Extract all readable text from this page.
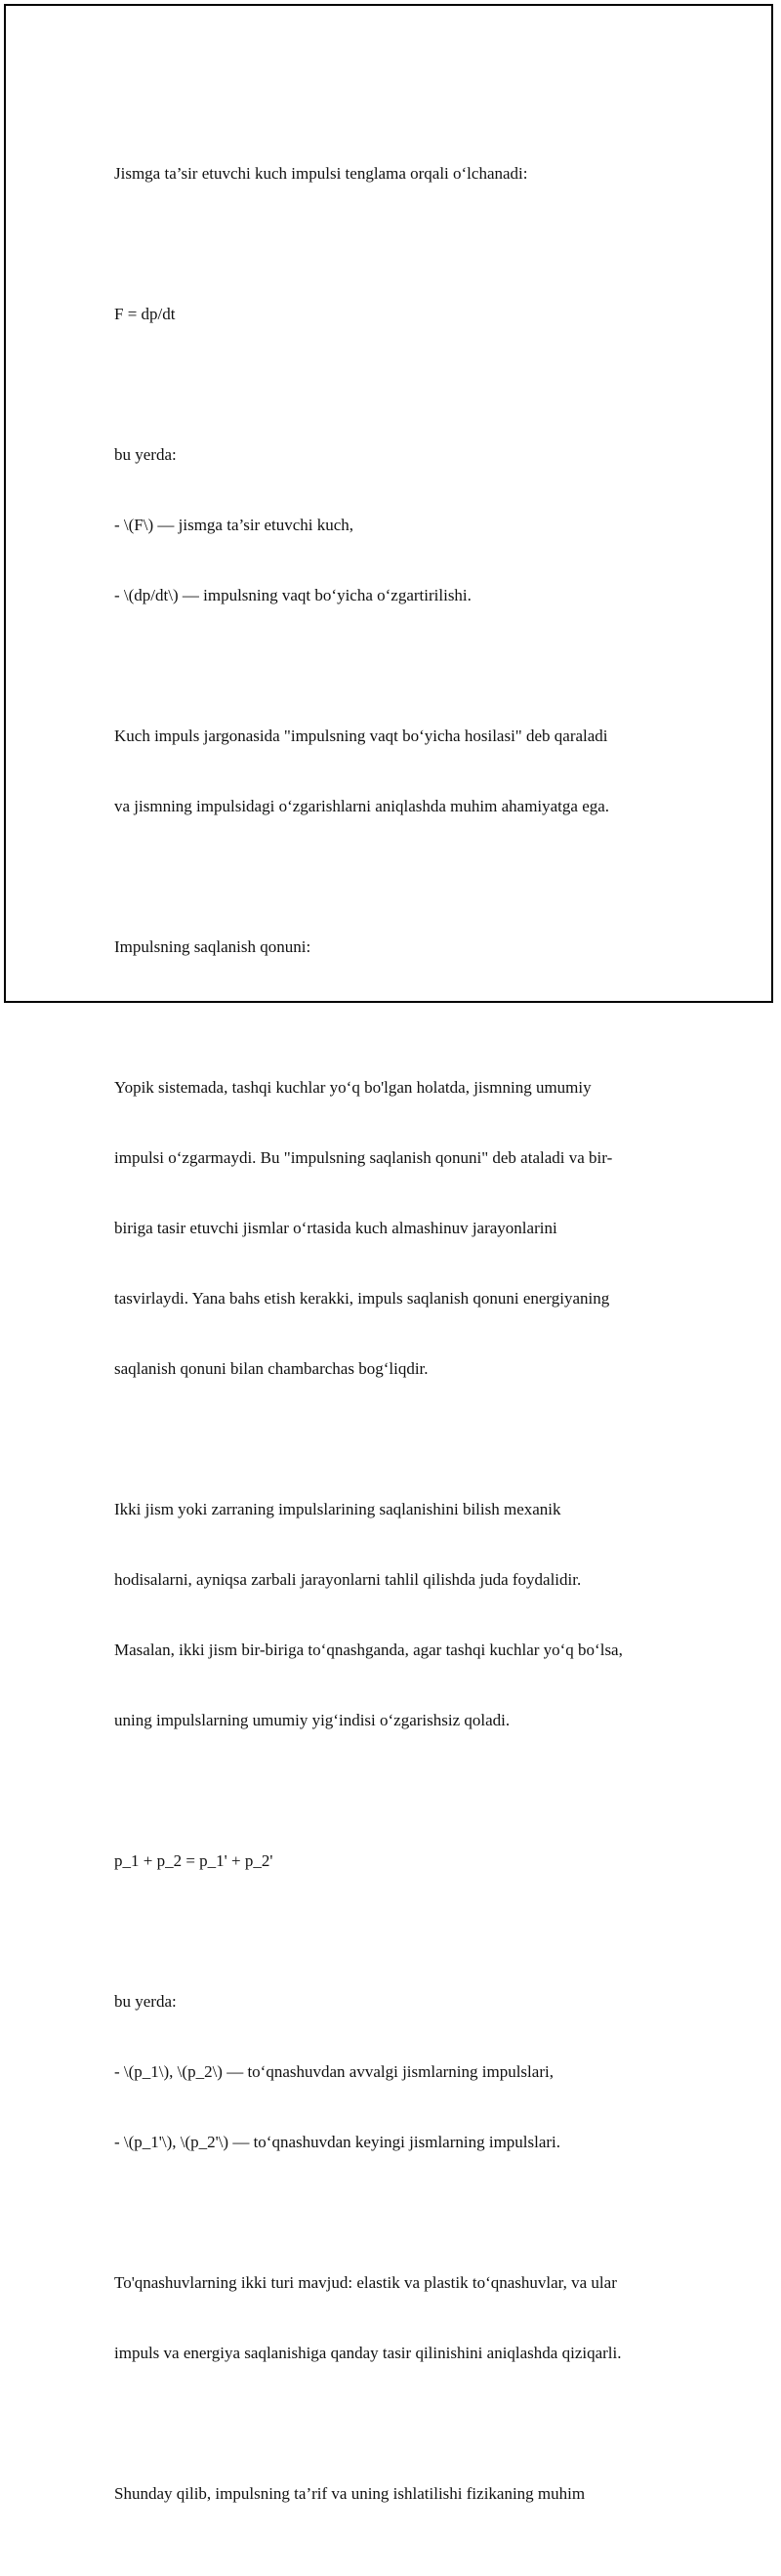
Jismga ta’sir etuvchi kuch impulsi tenglama orqali o‘lchanadi:

F = dp/dt

bu yerda:

- \(F\) — jismga ta’sir etuvchi kuch,

- \(dp/dt\) — impulsning vaqt bo‘yicha o‘zgartirilishi.

Kuch impuls jargonasida "impulsning vaqt bo‘yicha hosilasi" deb qaraladi

va jismning impulsidagi o‘zgarishlarni aniqlashda muhim ahamiyatga ega.

Impulsning saqlanish qonuni:

Yopik sistemada, tashqi kuchlar yo‘q bo'lgan holatda, jismning umumiy

impulsi o‘zgarmaydi. Bu "impulsning saqlanish qonuni" deb ataladi va bir-

biriga tasir etuvchi jismlar o‘rtasida kuch almashinuv jarayonlarini

tasvirlaydi. Yana bahs etish kerakki, impuls saqlanish qonuni energiyaning

saqlanish qonuni bilan chambarchas bog‘liqdir.

Ikki jism yoki zarraning impulslarining saqlanishini bilish mexanik

hodisalarni, ayniqsa zarbali jarayonlarni tahlil qilishda juda foydalidir.

Masalan, ikki jism bir-biriga to‘qnashganda, agar tashqi kuchlar yo‘q bo‘lsa,

uning impulslarning umumiy yig‘indisi o‘zgarishsiz qoladi.

p_1 + p_2 = p_1' + p_2'

bu yerda:

- \(p_1\), \(p_2\) — to‘qnashuvdan avvalgi jismlarning impulslari,

- \(p_1'\), \(p_2'\) — to‘qnashuvdan keyingi jismlarning impulslari.

To'qnashuvlarning ikki turi mavjud: elastik va plastik to‘qnashuvlar, va ular

impuls va energiya saqlanishiga qanday tasir qilinishini aniqlashda qiziqarli.

Shunday qilib, impulsning ta’rif va uning ishlatilishi fizikaning muhim
